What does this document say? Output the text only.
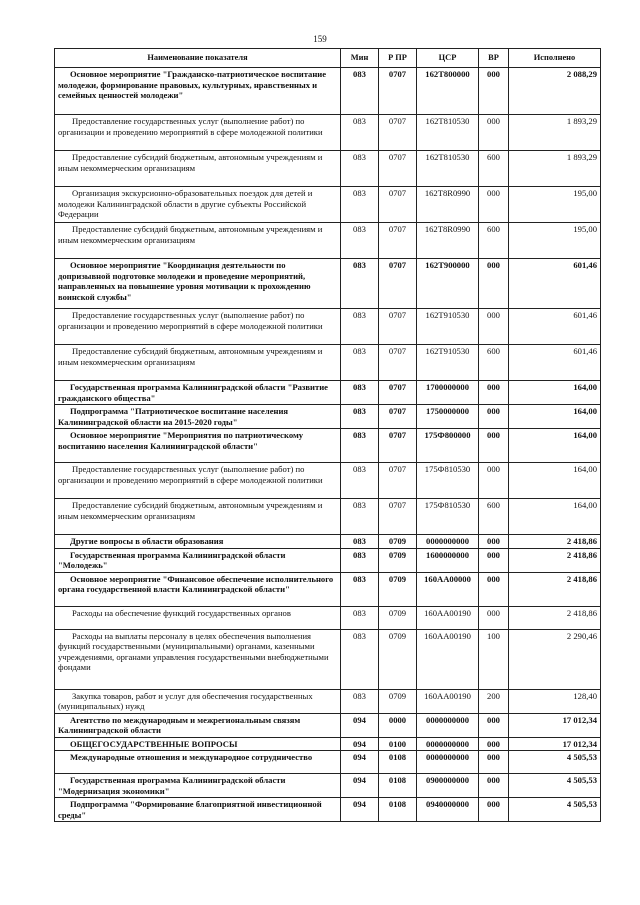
159
Наименование показателя	Мин	Р ПР	ЦСР	ВР	Исполнено
Основное мероприятие "Гражданско-патриотическое воспитание молодежи, формирование правовых, культурных, нравственных и семейных ценностей молодежи"	083	0707	162Т800000	000	2 088,29
Предоставление государственных услуг (выполнение работ) по организации и проведению мероприятий в сфере молодежной политики	083	0707	162Т810530	000	1 893,29
Предоставление субсидий бюджетным, автономным учреждениям и иным некоммерческим организациям	083	0707	162Т810530	600	1 893,29
Организация экскурсионно-образовательных поездок для детей и молодежи Калининградской области в другие субъекты Российской Федерации	083	0707	162Т8R0990	000	195,00
Предоставление субсидий бюджетным, автономным учреждениям и иным некоммерческим организациям	083	0707	162Т8R0990	600	195,00
Основное мероприятие "Координация деятельности по допризывной подготовке молодежи и проведение мероприятий, направленных на повышение уровня мотивации к прохождению воинской службы"	083	0707	162Т900000	000	601,46
Предоставление государственных услуг (выполнение работ) по организации и проведению мероприятий в сфере молодежной политики	083	0707	162Т910530	000	601,46
Предоставление субсидий бюджетным, автономным учреждениям и иным некоммерческим организациям	083	0707	162Т910530	600	601,46
Государственная программа Калининградской области "Развитие гражданского общества"	083	0707	1700000000	000	164,00
Подпрограмма "Патриотическое воспитание населения Калининградской области на 2015-2020 годы"	083	0707	1750000000	000	164,00
Основное мероприятие "Мероприятия по патриотическому воспитанию населения Калининградской области"	083	0707	175Ф800000	000	164,00
Предоставление государственных услуг (выполнение работ) по организации и проведению мероприятий в сфере молодежной политики	083	0707	175Ф810530	000	164,00
Предоставление субсидий бюджетным, автономным учреждениям и иным некоммерческим организациям	083	0707	175Ф810530	600	164,00
Другие вопросы в области образования	083	0709	0000000000	000	2 418,86
Государственная программа Калининградской области "Молодежь"	083	0709	1600000000	000	2 418,86
Основное мероприятие "Финансовое обеспечение исполнительного органа государственной власти Калининградской области"	083	0709	160АА00000	000	2 418,86
Расходы на обеспечение функций государственных органов	083	0709	160АА00190	000	2 418,86
Расходы на выплаты персоналу в целях обеспечения выполнения функций государственными (муниципальными) органами, казенными учреждениями, органами управления государственными внебюджетными фондами	083	0709	160АА00190	100	2 290,46
Закупка товаров, работ и услуг для обеспечения государственных (муниципальных) нужд	083	0709	160АА00190	200	128,40
Агентство по международным и межрегиональным связям Калининградской области	094	0000	0000000000	000	17 012,34
ОБЩЕГОСУДАРСТВЕННЫЕ ВОПРОСЫ	094	0100	0000000000	000	17 012,34
Международные отношения и международное сотрудничество	094	0108	0000000000	000	4 505,53
Государственная программа Калининградской области "Модернизация экономики"	094	0108	0900000000	000	4 505,53
Подпрограмма "Формирование благоприятной инвестиционной среды"	094	0108	0940000000	000	4 505,53
